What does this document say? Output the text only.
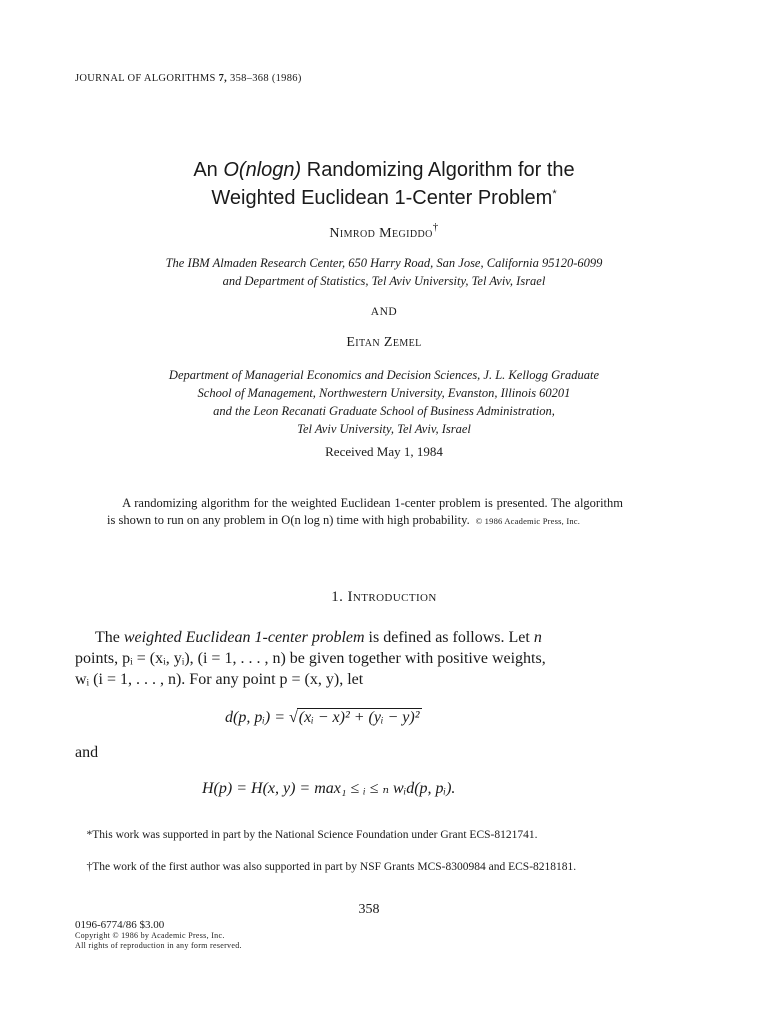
JOURNAL OF ALGORITHMS 7, 358–368 (1986)
An O(nlogn) Randomizing Algorithm for the
Weighted Euclidean 1-Center Problem*
Nimrod Megiddo†
The IBM Almaden Research Center, 650 Harry Road, San Jose, California 95120-6099
and Department of Statistics, Tel Aviv University, Tel Aviv, Israel
AND
Eitan Zemel
Department of Managerial Economics and Decision Sciences, J. L. Kellogg Graduate
School of Management, Northwestern University, Evanston, Illinois 60201
and the Leon Recanati Graduate School of Business Administration,
Tel Aviv University, Tel Aviv, Israel
Received May 1, 1984
A randomizing algorithm for the weighted Euclidean 1-center problem is presented. The algorithm is shown to run on any problem in O(n log n) time with high probability. © 1986 Academic Press, Inc.
1. Introduction
The weighted Euclidean 1-center problem is defined as follows. Let n
points, pᵢ = (xᵢ, yᵢ), (i = 1, . . . , n) be given together with positive weights,
wᵢ (i = 1, . . . , n). For any point p = (x, y), let
d(p, pᵢ) = √(xᵢ − x)² + (yᵢ − y)²
and
H(p) = H(x, y) = max₁ ≤ ᵢ ≤ ₙ wᵢd(p, pᵢ).
*This work was supported in part by the National Science Foundation under Grant ECS-8121741.
†The work of the first author was also supported in part by NSF Grants MCS-8300984 and ECS-8218181.
358
0196-6774/86 $3.00
Copyright © 1986 by Academic Press, Inc.
All rights of reproduction in any form reserved.
